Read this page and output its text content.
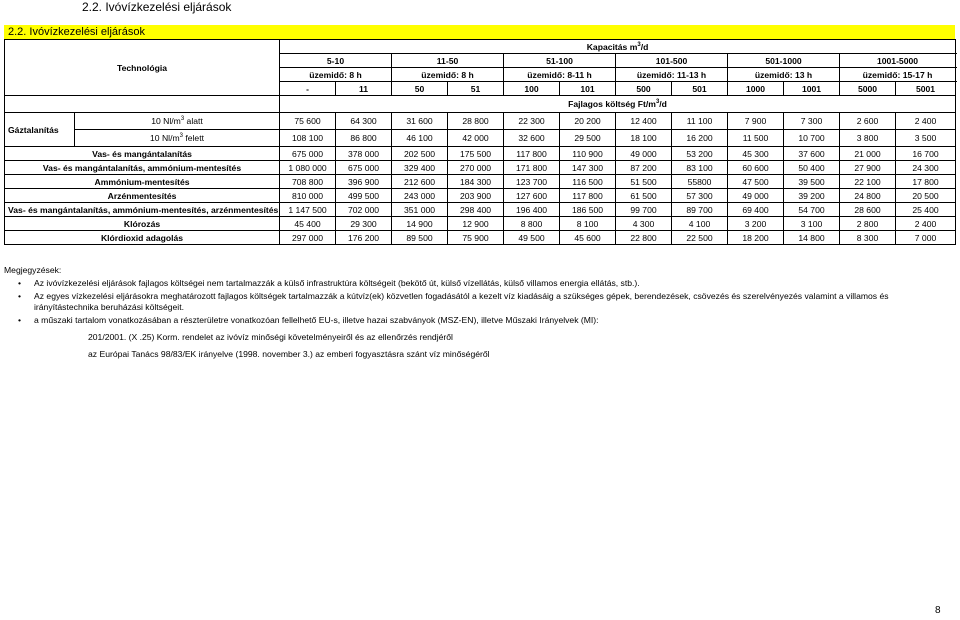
2.2. Ivóvízkezelési eljárások
2.2. Ivóvízkezelési eljárások
Technológia		Kapacitás $m^3/d$												
		5-10		11-50		51-100		101-500		501-1000		1001-5000	
		üzemidő: 8 h		üzemidő: 8 h		üzemidő: 8-11 h		üzemidő: 11-13 h		üzemidő: 13 h		üzemidő: 15-17 h	
		-	11	50	51	100	101	500	501	1000	1001	5000	5001	
		Fajlagos költség $Ft/m^3/d$												
Gáztalanítás	10 $Nl/m^3$ alatt	75 600	64 300	31 600	28 800	22 300	20 200	12 400	11 100	7 900	7 300	2 600	2 400	
	10 $Nl/m^3$ felett	108 100	86 800	46 100	42 000	32 600	29 500	18 100	16 200	11 500	10 700	3 800	3 500	
Vas- és mangántalanítás		675 000	378 000	202 500	175 500	117 800	110 900	49 000	53 200	45 300	37 600	21 000	16 700	
Vas- és mangántalanítás, ammónium-mentesítés		1 080 000	675 000	329 400	270 000	171 800	147 300	87 200	83 100	60 600	50 400	27 900	24 300	
Ammónium-mentesítés		708 800	396 900	212 600	184 300	123 700	116 500	51 500	55800	47 500	39 500	22 100	17 800	
Arzénmentesítés		810 000	499 500	243 000	203 900	127 600	117 800	61 500	57 300	49 000	39 200	24 800	20 500	
Vas- és mangántalanítás, ammónium-mentesítés, arzénmentesítés		1 147 500	702 000	351 000	298 400	196 400	186 500	99 700	89 700	69 400	54 700	28 600	25 400	
Klórozás		45 400	29 300	14 900	12 900	8 800	8 100	4 300	4 100	3 200	3 100	2 800	2 400	
Klórdioxid adagolás		297 000	176 200	89 500	75 900	49 500	45 600	22 800	22 500	18 200	14 800	8 300	7 000	
Megjegyzések:
• Az ivóvízkezelési eljárások fajlagos költségei nem tartalmazzák a külső infrastruktúra költségeit (bekötő út, külső vízellátás, külső villamos energia ellátás, stb.).
• Az egyes vízkezelési eljárásokra meghatározott fajlagos költségek tartalmazzák a kútvíz(ek) közvetlen fogadásától a kezelt víz kiadásáig a szükséges gépek, berendezések, csövezés és szerelvényezés valamint a villamos és irányítástechnika beruházási költségeit.
• a műszaki tartalom vonatkozásában a részterületre vonatkozóan fellelhető EU-s, illetve hazai szabványok (MSZ-EN), illetve Műszaki Irányelvek (MI):
201/2001. (X .25) Korm. rendelet az ivóvíz minőségi követelményeiről és az ellenőrzés rendjéről
az Európai Tanács 98/83/EK irányelve (1998. november 3.) az emberi fogyasztásra szánt víz minőségéről
8
